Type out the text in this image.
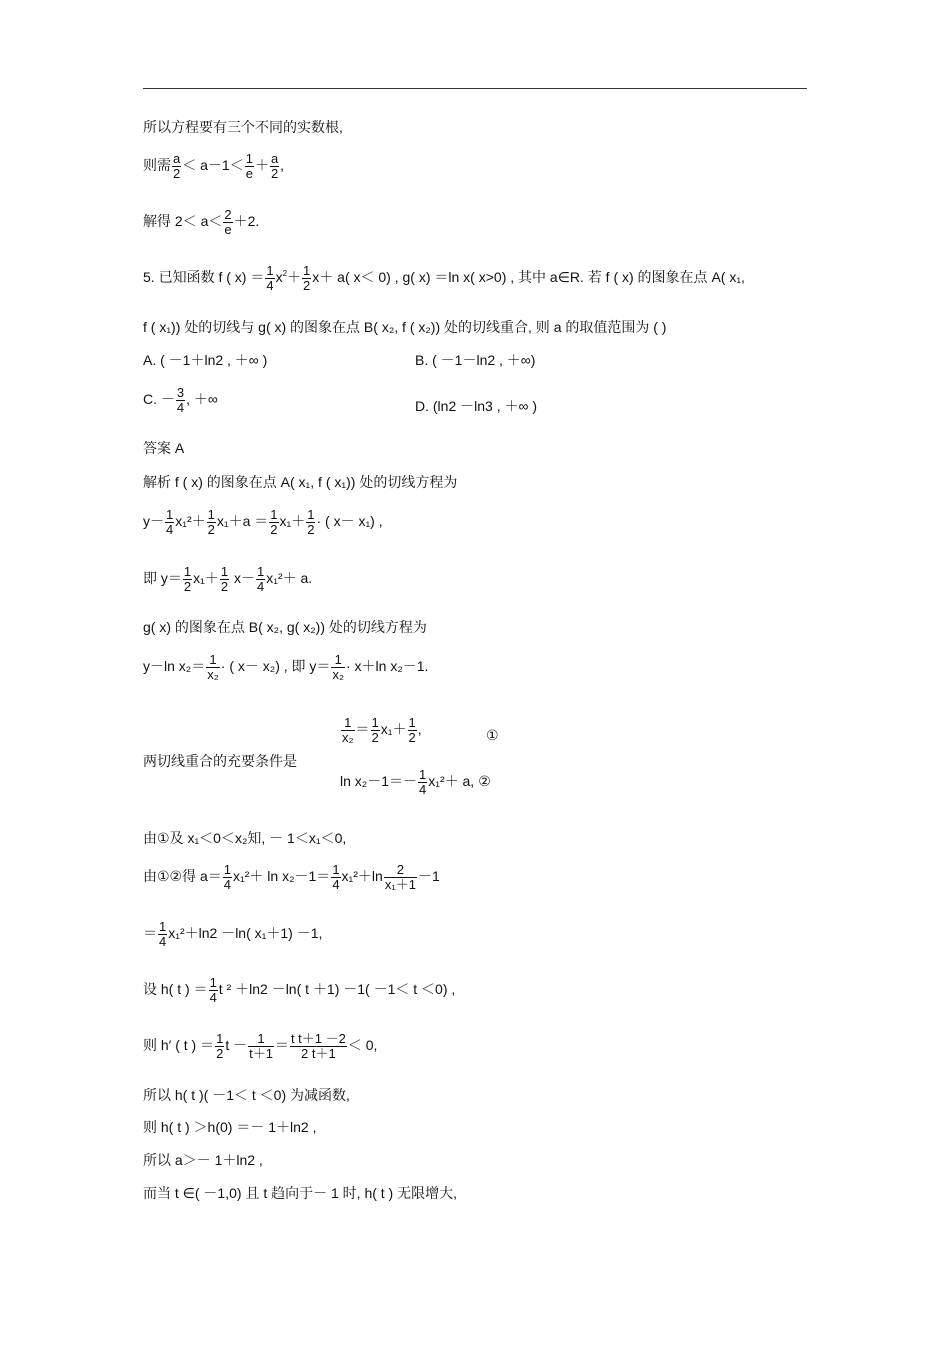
所以方程要有三个不同的实数根,
则需 $\frac{a}{2} < a-1< \frac{1}{e} + \frac{a}{2}$ ,
解得 $2< a< \frac{2}{e} +2$.
5. 已知函数 f ( $x) = \frac{1}{4} x^2+ \frac{1}{2} x+ a$( x＜ 0) , g( x) ＝ln x( x>0) , 其中 a∈R. 若 f ( x) 的图象在点 A( x₁,
f ( x₁)) 处的切线与 g( x) 的图象在点 B( x₂, f ( x₂)) 处的切线重合, 则 a 的取值范围为 ( )
A. ( －1＋ln2 , ＋∞ )	B. ( －1－ln2 , ＋∞)
C. － $\frac{3}{4}$ , ＋∞	D. (ln2 －ln3 , ＋∞ )
答案 A
解析 f ( x) 的图象在点 A( x₁, f ( x₁)) 处的切线方程为
$y- \frac{1}{4} x_1^2+ \frac{1}{2} x_1+a = \frac{1}{2} x_1+ \frac{1}{2}$ · ( x－ x₁) ,
即 $y= \frac{1}{2} x_1+ \frac{1}{2} x- \frac{1}{4} x_1^2+ a$.
g( x) 的图象在点 B( x₂, g( x₂)) 处的切线方程为
y－ln $x_2= \frac{1}{\text{x₂}}$ · ( x－ x₂) , 即 $y= \frac{1}{\text{x₂}} \cdot x+\ln$ x₂－1.
两切线重合的充要条件是
$\frac{1}{\text{x₂}} = \frac{1}{2} x_1+ \frac{1}{2}$ ,	①
$\ln x_2-1=- \frac{1}{4} x_1^2+ a$, ②
由①及 x₁＜0＜x₂知, － 1＜x₁＜0,
由①②得 $a= \frac{1}{4} x_1^2+ \ln x_2-1= \frac{1}{4} x_1^2+\ln \frac{2}{\text{x₁＋1}} -1$
＝ $\frac{1}{4} x_1^2+\ln 2 -\ln$( x₁＋1) －1,
设 h( t ) ＝ $\frac{1}{4}$ t ² ＋ln2 －ln( t ＋1) －1( －1＜ t ＜0) ,
则 h′ ( t ) ＝ $\frac{1}{2}$ $t - \frac{1}{t+1} = \frac{\text{t t＋1 －2}}{2 t+1} < 0$,
所以 h( t )( －1＜ t ＜0) 为减函数,
则 h( t ) ＞h(0) ＝－ 1＋ln2 ,
所以 a＞－ 1＋ln2 ,
而当 t ∈( －1,0) 且 t 趋向于－ 1 时, h( t ) 无限增大,
